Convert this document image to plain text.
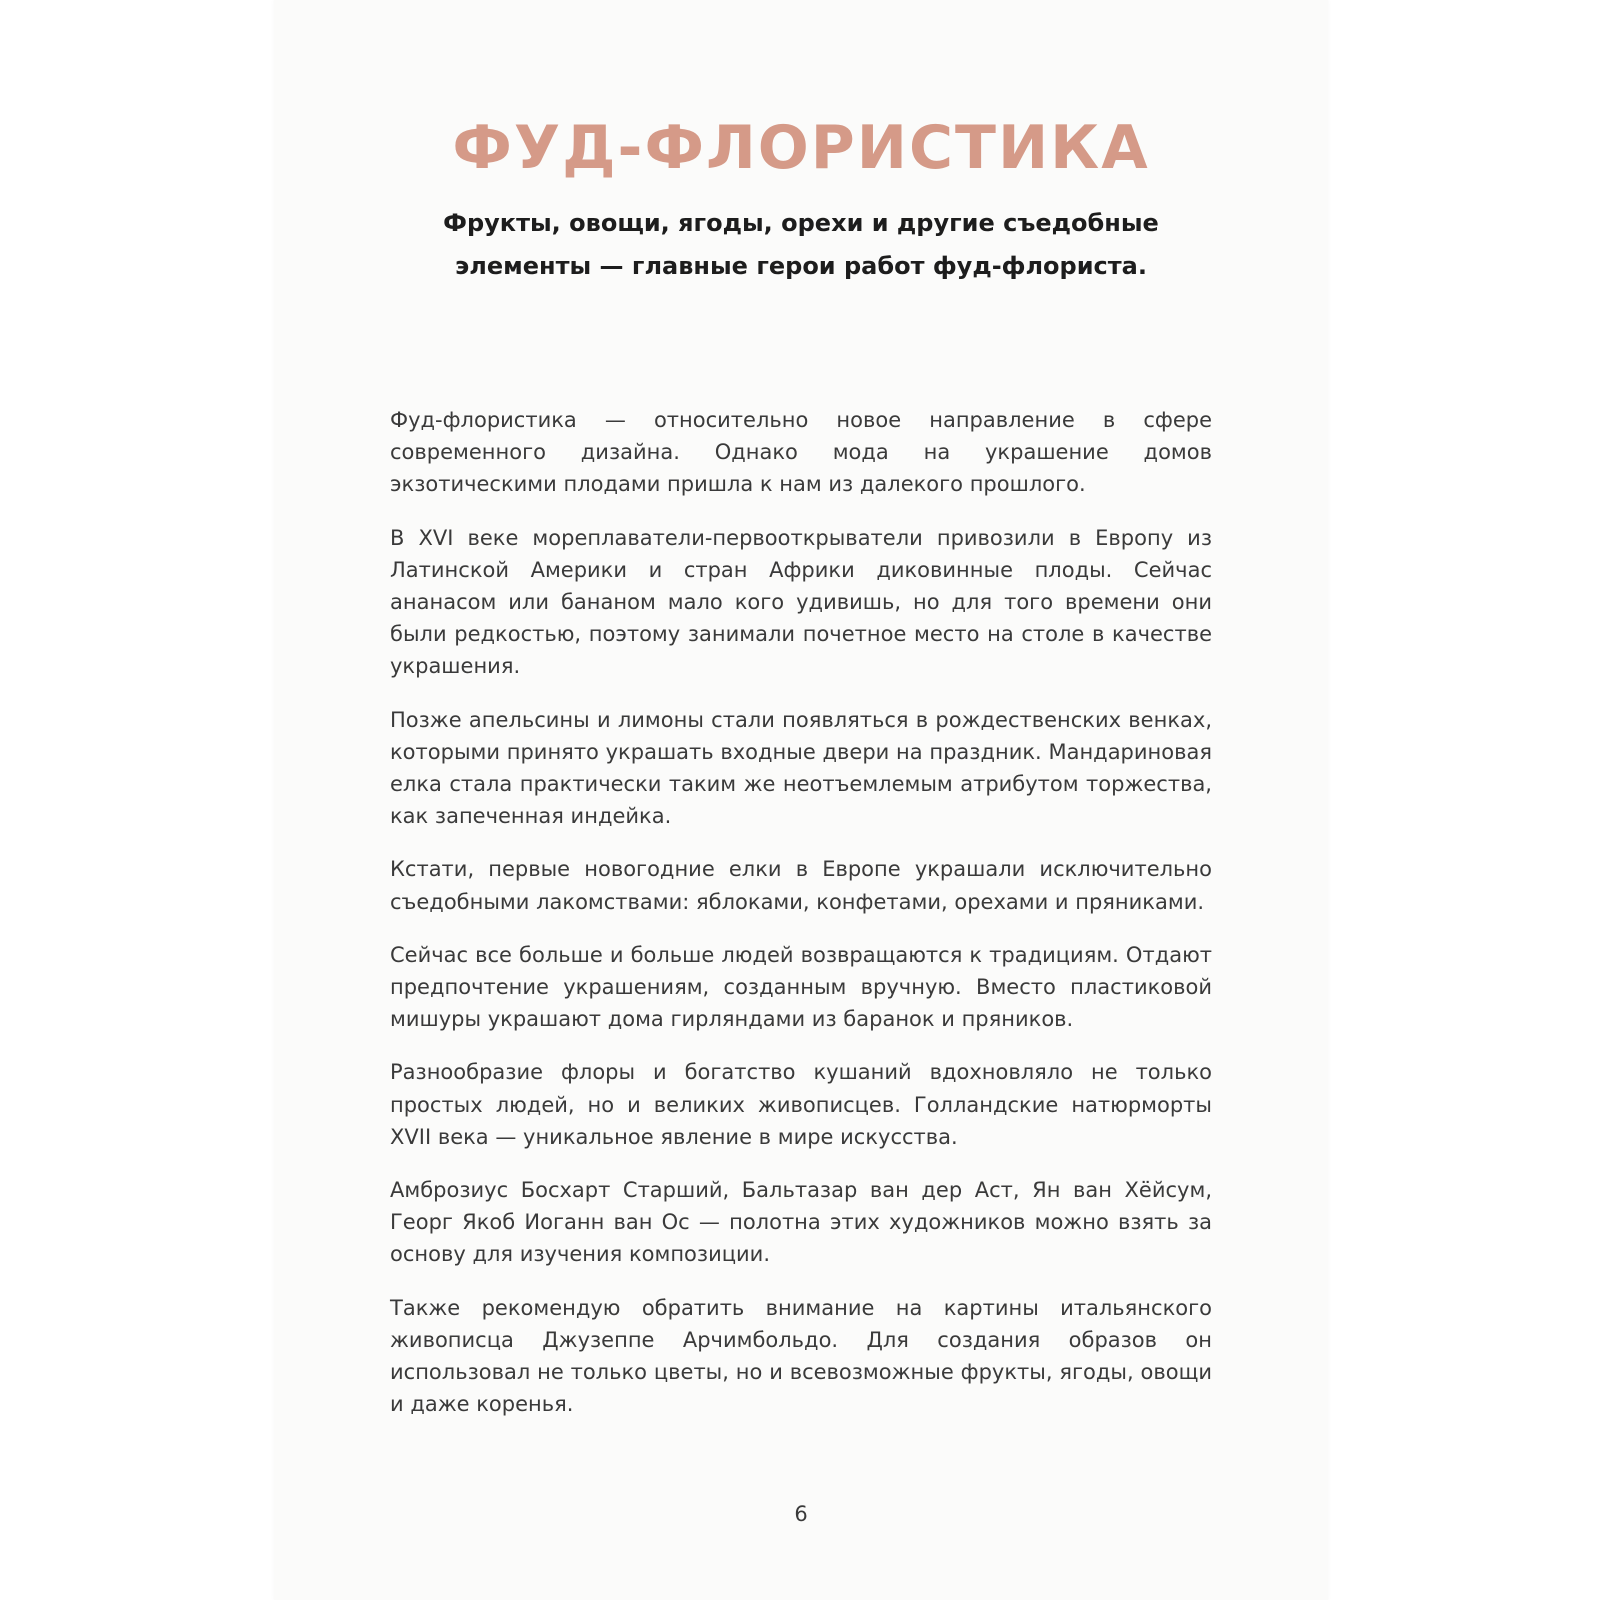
ФУД-ФЛОРИСТИКА
Фрукты, овощи, ягоды, орехи и другие съедобные
элементы — главные герои работ фуд-флориста.

Фуд-флористика — относительно новое направление в сфере современного дизайна. Однако мода на украшение домов экзотическими плодами пришла к нам из далекого прошлого.

В XVI веке мореплаватели-первооткрыватели привозили в Европу из Латинской Америки и стран Африки диковинные плоды. Сейчас ананасом или бананом мало кого удивишь, но для того времени они были редкостью, поэтому занимали почетное место на столе в качестве украшения.

Позже апельсины и лимоны стали появляться в рождественских венках, которыми принято украшать входные двери на праздник. Мандариновая елка стала практически таким же неотъемлемым атрибутом торжества, как запеченная индейка.

Кстати, первые новогодние елки в Европе украшали исключительно съедобными лакомствами: яблоками, конфетами, орехами и пряниками.

Сейчас все больше и больше людей возвращаются к традициям. Отдают предпочтение украшениям, созданным вручную. Вместо пластиковой мишуры украшают дома гирляндами из баранок и пряников.

Разнообразие флоры и богатство кушаний вдохновляло не только простых людей, но и великих живописцев. Голландские натюрморты XVII века — уникальное явление в мире искусства.

Амброзиус Босхарт Старший, Бальтазар ван дер Аст, Ян ван Хёйсум, Георг Якоб Иоганн ван Ос — полотна этих художников можно взять за основу для изучения композиции.

Также рекомендую обратить внимание на картины итальянского живописца Джузеппе Арчимбольдо. Для создания образов он использовал не только цветы, но и всевозможные фрукты, ягоды, овощи и даже коренья.

6
